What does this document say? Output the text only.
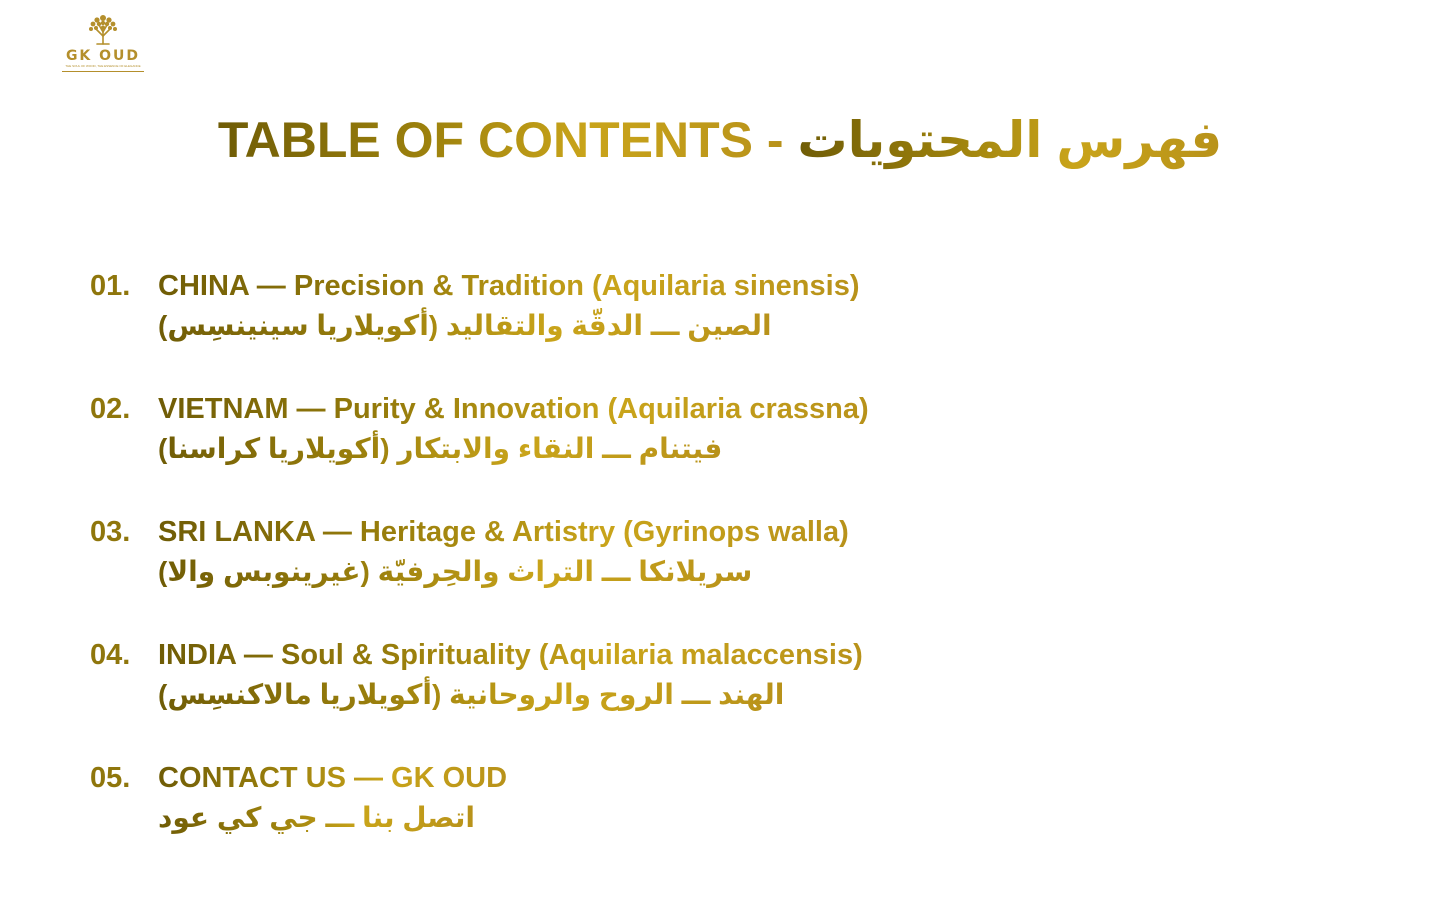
GK OUD
THE SOUL OF WOOD, THE ESSENCE OF ELEGANCE
TABLE OF CONTENTS - فهرس المحتويات
01. CHINA — Precision & Tradition (Aquilaria sinensis)
الصين ـــ الدقّة والتقاليد (أكويلاريا سينينسِس)
02. VIETNAM — Purity & Innovation (Aquilaria crassna)
فيتنام ـــ النقاء والابتكار (أكويلاريا كراسنا)
03. SRI LANKA — Heritage & Artistry (Gyrinops walla)
سريلانكا ـــ التراث والحِرفيّة (غيرينوبس والا)
04. INDIA — Soul & Spirituality (Aquilaria malaccensis)
الهند ـــ الروح والروحانية (أكويلاريا مالاكنسِس)
05. CONTACT US — GK OUD
اتصل بنا ـــ جي كي عود
